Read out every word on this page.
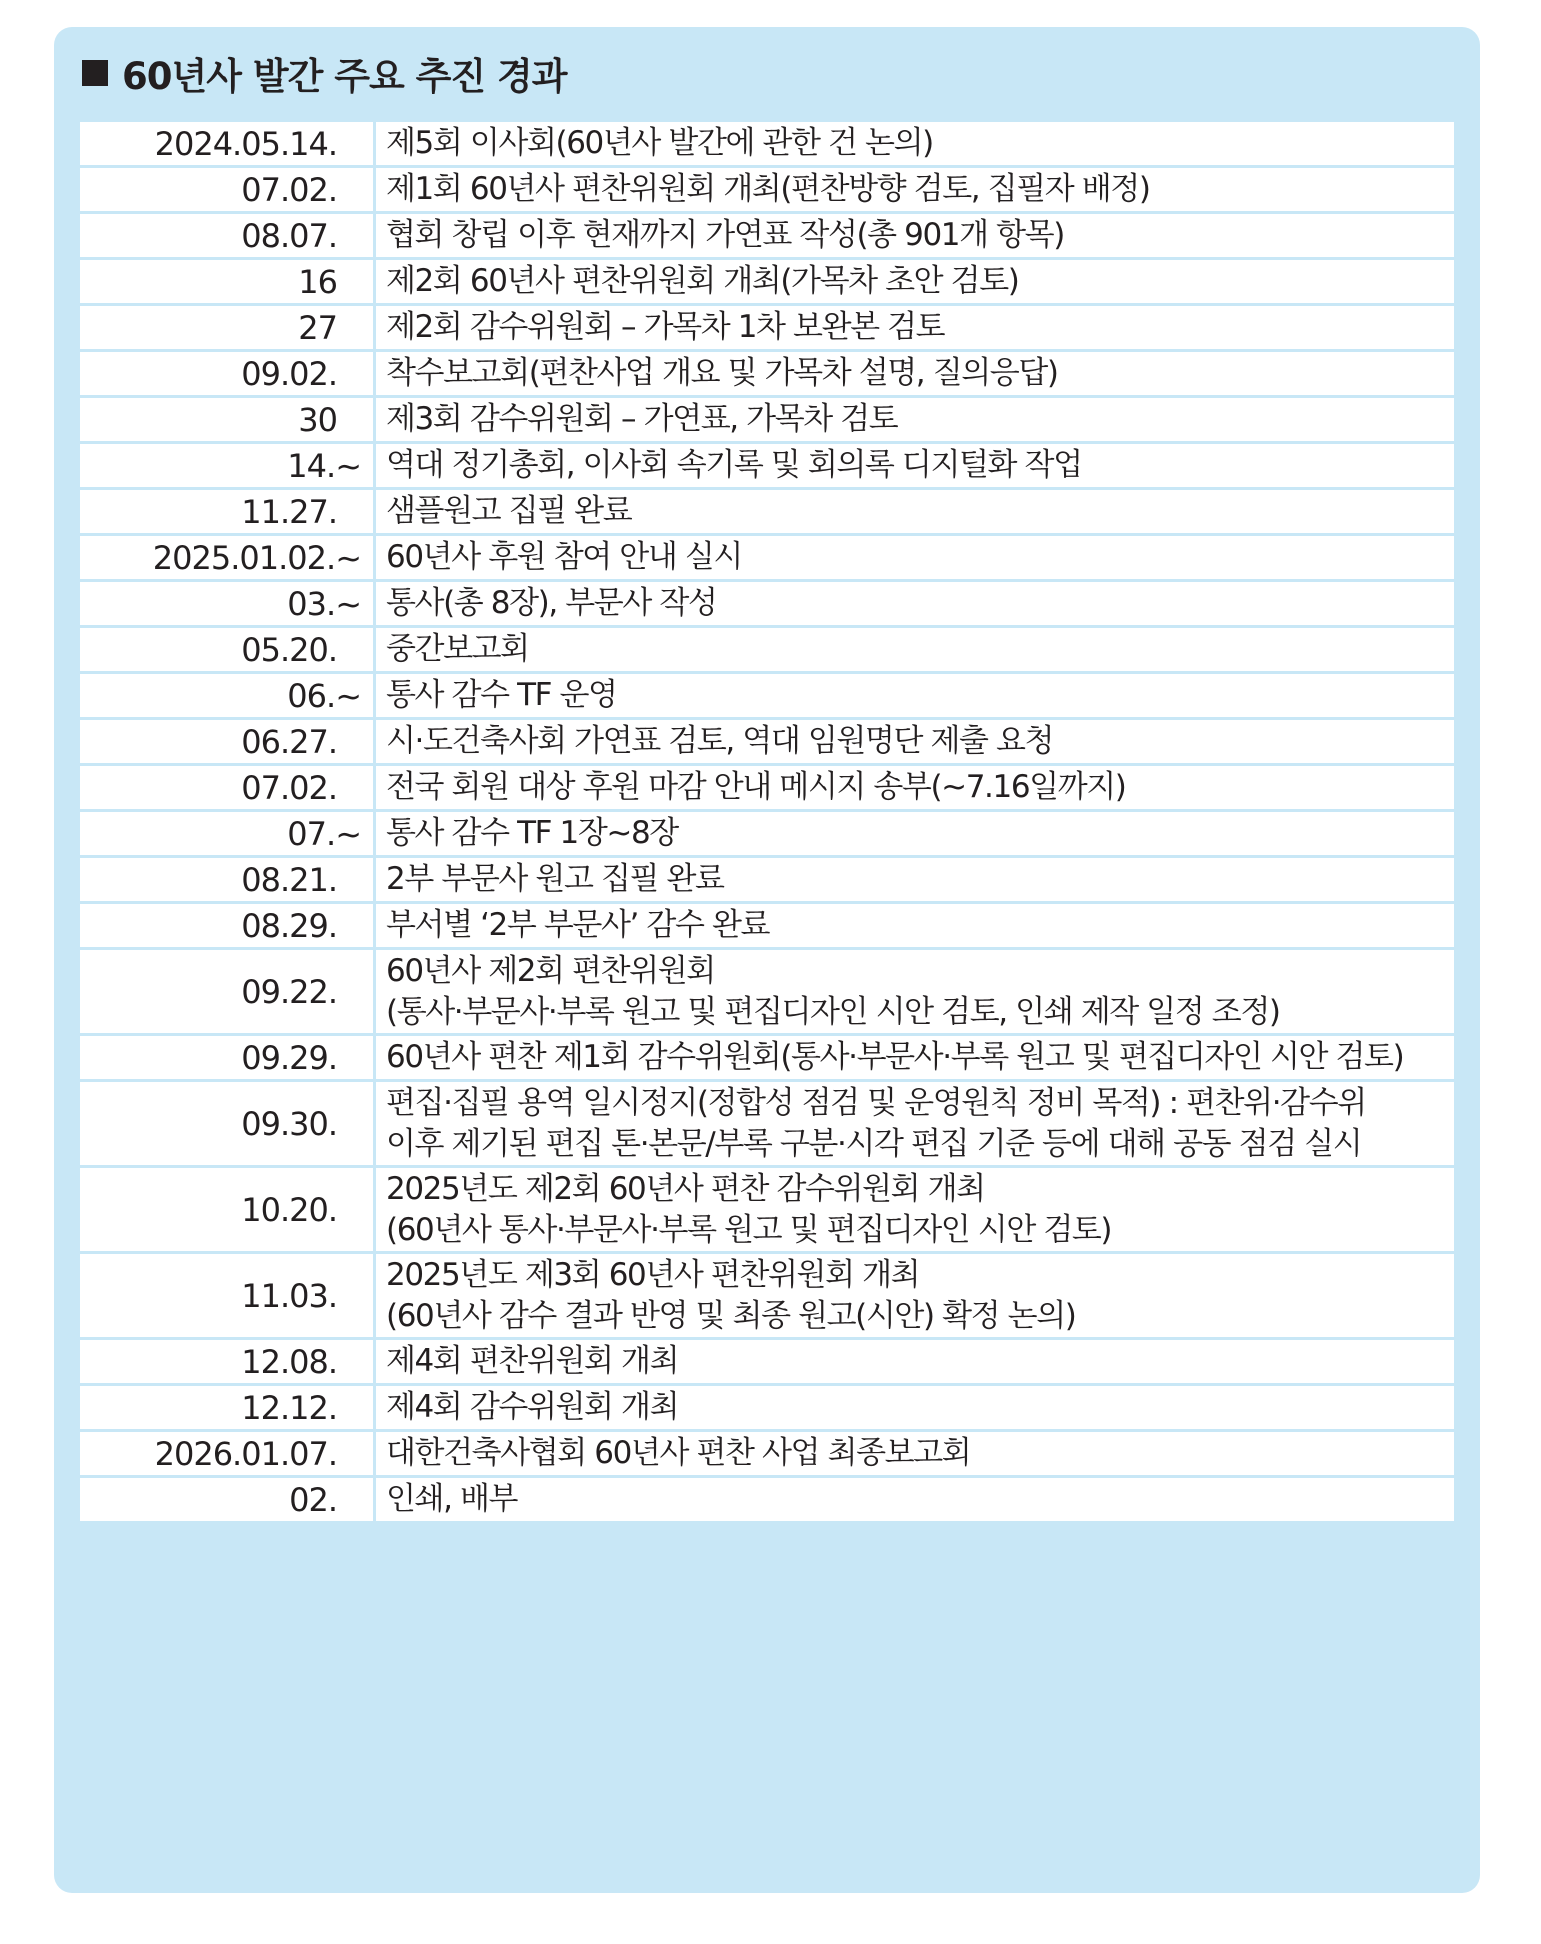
60년사 발간 주요 추진 경과
2024.05.14.	제5회 이사회(60년사 발간에 관한 건 논의)
07.02.	제1회 60년사 편찬위원회 개최(편찬방향 검토, 집필자 배정)
08.07.	협회 창립 이후 현재까지 가연표 작성(총 901개 항목)
16	제2회 60년사 편찬위원회 개최(가목차 초안 검토)
27	제2회 감수위원회 – 가목차 1차 보완본 검토
09.02.	착수보고회(편찬사업 개요 및 가목차 설명, 질의응답)
30	제3회 감수위원회 – 가연표, 가목차 검토
14.~ 역대 정기총회, 이사회 속기록 및 회의록 디지털화 작업
11.27.	샘플원고 집필 완료
2025.01.02.~ 60년사 후원 참여 안내 실시
03.~ 통사(총 8장), 부문사 작성
05.20.	중간보고회
06.~ 통사 감수 TF 운영
06.27.	시·도건축사회 가연표 검토, 역대 임원명단 제출 요청
07.02.	전국 회원 대상 후원 마감 안내 메시지 송부(~7.16일까지)
07.~ 통사 감수 TF 1장~8장
08.21.	2부 부문사 원고 집필 완료
08.29.	부서별 ‘2부 부문사’ 감수 완료
09.22.
60년사 제2회 편찬위원회
(통사·부문사·부록 원고 및 편집디자인 시안 검토, 인쇄 제작 일정 조정)
09.29.	60년사 편찬 제1회 감수위원회(통사·부문사·부록 원고 및 편집디자인 시안 검토)
09.30.
편집·집필 용역 일시정지(정합성 점검 및 운영원칙 정비 목적) : 편찬위·감수위
이후 제기된 편집 톤·본문/부록 구분·시각 편집 기준 등에 대해 공동 점검 실시
10.20.
2025년도 제2회 60년사 편찬 감수위원회 개최
(60년사 통사·부문사·부록 원고 및 편집디자인 시안 검토)
11.03.
2025년도 제3회 60년사 편찬위원회 개최
(60년사 감수 결과 반영 및 최종 원고(시안) 확정 논의)
12.08.	제4회 편찬위원회 개최
12.12.	제4회 감수위원회 개최
2026.01.07.	대한건축사협회 60년사 편찬 사업 최종보고회
02.	인쇄, 배부
